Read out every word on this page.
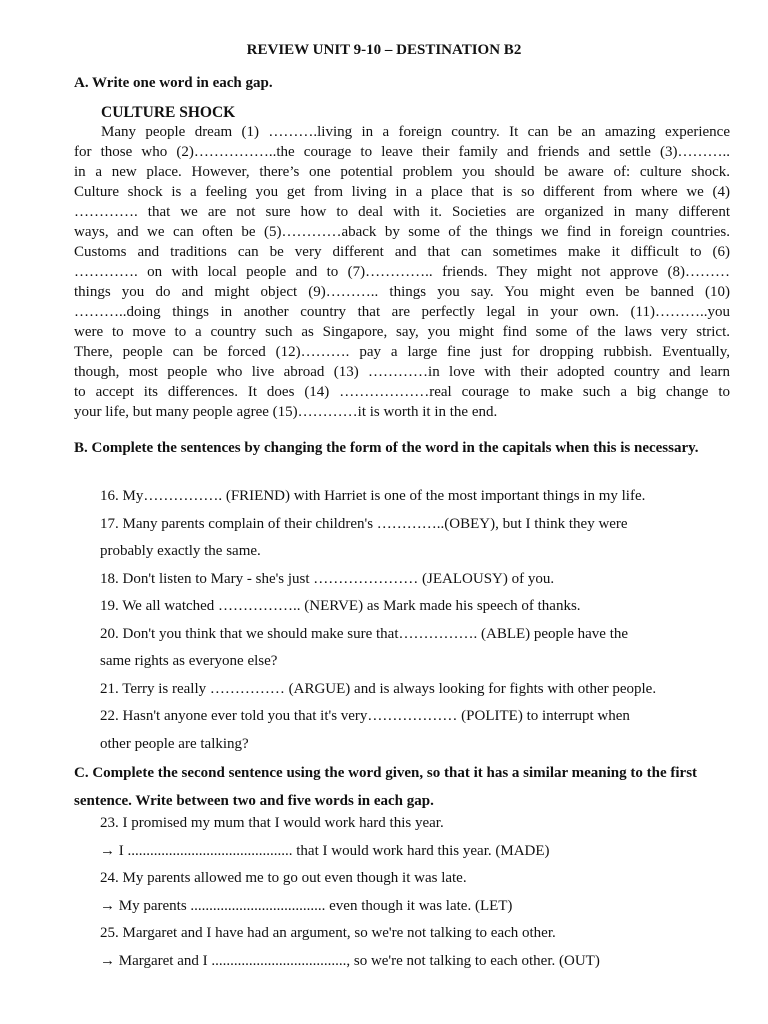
REVIEW UNIT 9-10 – DESTINATION B2
A. Write one word in each gap.
CULTURE SHOCK
Many people dream (1) ……….living in a foreign country. It can be an amazing experience
for those who (2)……………..the courage to leave their family and friends and settle (3)………..
in a new place. However, there’s one potential problem you should be aware of: culture shock.
Culture shock is a feeling you get from living in a place that is so different from where we (4)
…………. that we are not sure how to deal with it. Societies are organized in many different
ways, and we can often be (5)…………aback by some of the things we find in foreign countries.
Customs and traditions can be very different and that can sometimes make it difficult to (6)
…………. on with local people and to (7)………….. friends. They might not approve (8)………
things you do and might object (9)……….. things you say. You might even be banned (10)
………..doing things in another country that are perfectly legal in your own. (11)………..you
were to move to a country such as Singapore, say, you might find some of the laws very strict.
There, people can be forced (12)………. pay a large fine just for dropping rubbish. Eventually,
though, most people who live abroad (13) …………in love with their adopted country and learn
to accept its differences. It does (14) ………………real courage to make such a big change to
your life, but many people agree (15)…………it is worth it in the end.
B. Complete the sentences by changing the form of the word in the capitals when this is necessary.
16. My……………. (FRIEND) with Harriet is one of the most important things in my life.
17. Many parents complain of their children's …………..(OBEY), but I think they were
probably exactly the same.
18. Don't listen to Mary - she's just ………………… (JEALOUSY) of you.
19. We all watched …………….. (NERVE) as Mark made his speech of thanks.
20. Don't you think that we should make sure that……………. (ABLE) people have the
same rights as everyone else?
21. Terry is really …………… (ARGUE) and is always looking for fights with other people.
22. Hasn't anyone ever told you that it's very……………… (POLITE) to interrupt when
other people are talking?
C. Complete the second sentence using the word given, so that it has a similar meaning to the first sentence. Write between two and five words in each gap.
23. I promised my mum that I would work hard this year.
→ I ............................................ that I would work hard this year. (MADE)
24. My parents allowed me to go out even though it was late.
→ My parents .................................... even though it was late. (LET)
25. Margaret and I have had an argument, so we're not talking to each other.
→ Margaret and I ...................................., so we're not talking to each other. (OUT)
